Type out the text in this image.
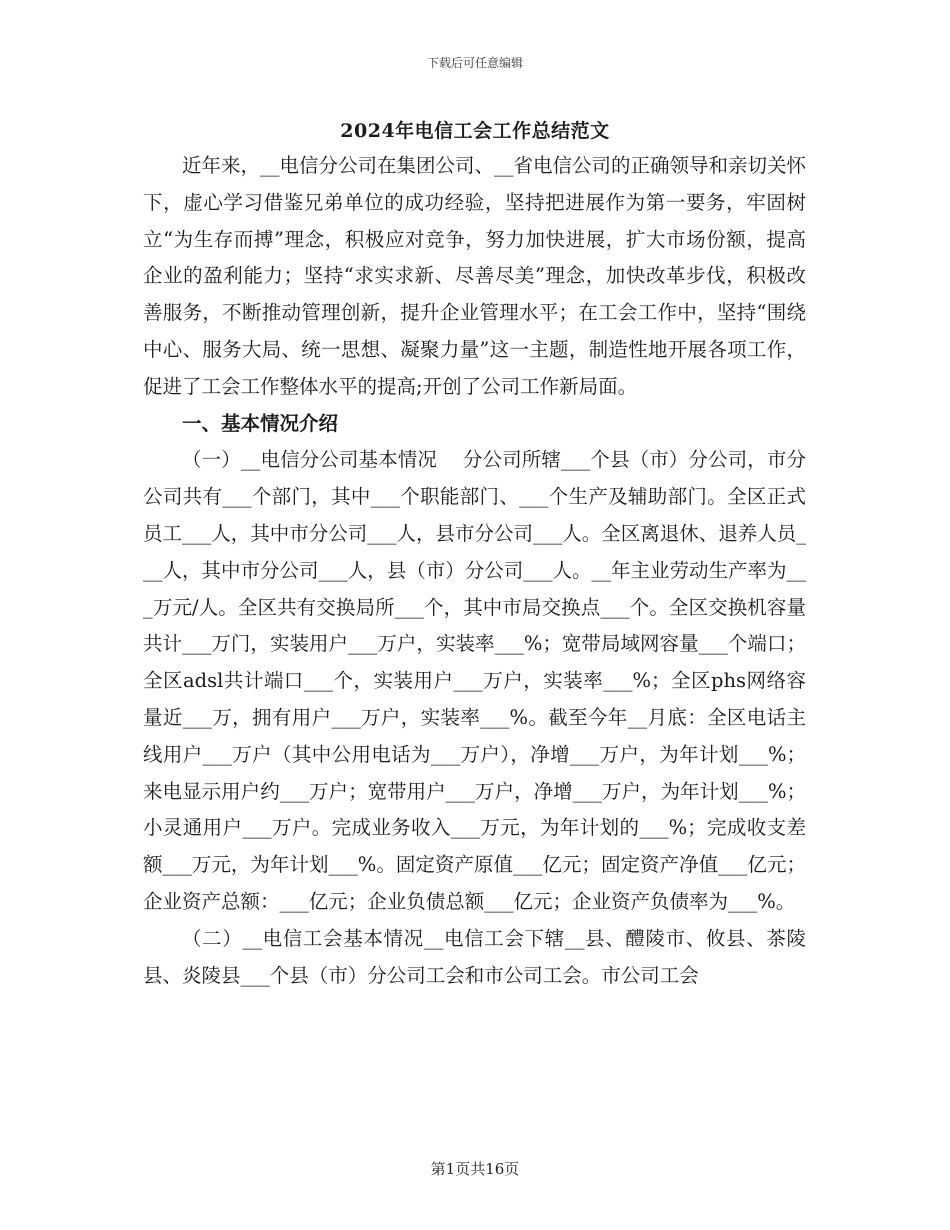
下载后可任意编辑
2024年电信工会工作总结范文

近年来，__电信分公司在集团公司、__省电信公司的正确领导和亲切关怀下，虚心学习借鉴兄弟单位的成功经验，坚持把进展作为第一要务，牢固树立“为生存而搏”理念，积极应对竞争，努力加快进展，扩大市场份额，提高企业的盈利能力；坚持“求实求新、尽善尽美”理念，加快改革步伐，积极改善服务，不断推动管理创新，提升企业管理水平；在工会工作中，坚持“围绕中心、服务大局、统一思想、凝聚力量”这一主题，制造性地开展各项工作，促进了工会工作整体水平的提高;开创了公司工作新局面。

一、基本情况介绍

（一）__电信分公司基本情况　 分公司所辖___个县（市）分公司，市分公司共有___个部门，其中___个职能部门、___个生产及辅助部门。全区正式员工___人，其中市分公司___人，县市分公司___人。全区离退休、退养人员___人，其中市分公司___人，县（市）分公司___人。__年主业劳动生产率为___万元/人。全区共有交换局所___个，其中市局交换点___个。全区交换机容量共计___万门，实装用户___万户，实装率___%；宽带局域网容量___个端口；全区adsl共计端口___个，实装用户___万户，实装率___%；全区phs网络容量近___万，拥有用户___万户，实装率___%。截至今年__月底：全区电话主线用户___万户（其中公用电话为___万户），净增___万户，为年计划___%；来电显示用户约___万户；宽带用户___万户，净增___万户，为年计划___%；小灵通用户___万户。完成业务收入___万元，为年计划的___%；完成收支差额___万元，为年计划___%。固定资产原值___亿元；固定资产净值___亿元；企业资产总额：___亿元；企业负债总额___亿元；企业资产负债率为___%。

（二）__电信工会基本情况__电信工会下辖__县、醴陵市、攸县、茶陵县、炎陵县___个县（市）分公司工会和市公司工会。市公司工会

第1页共16页
